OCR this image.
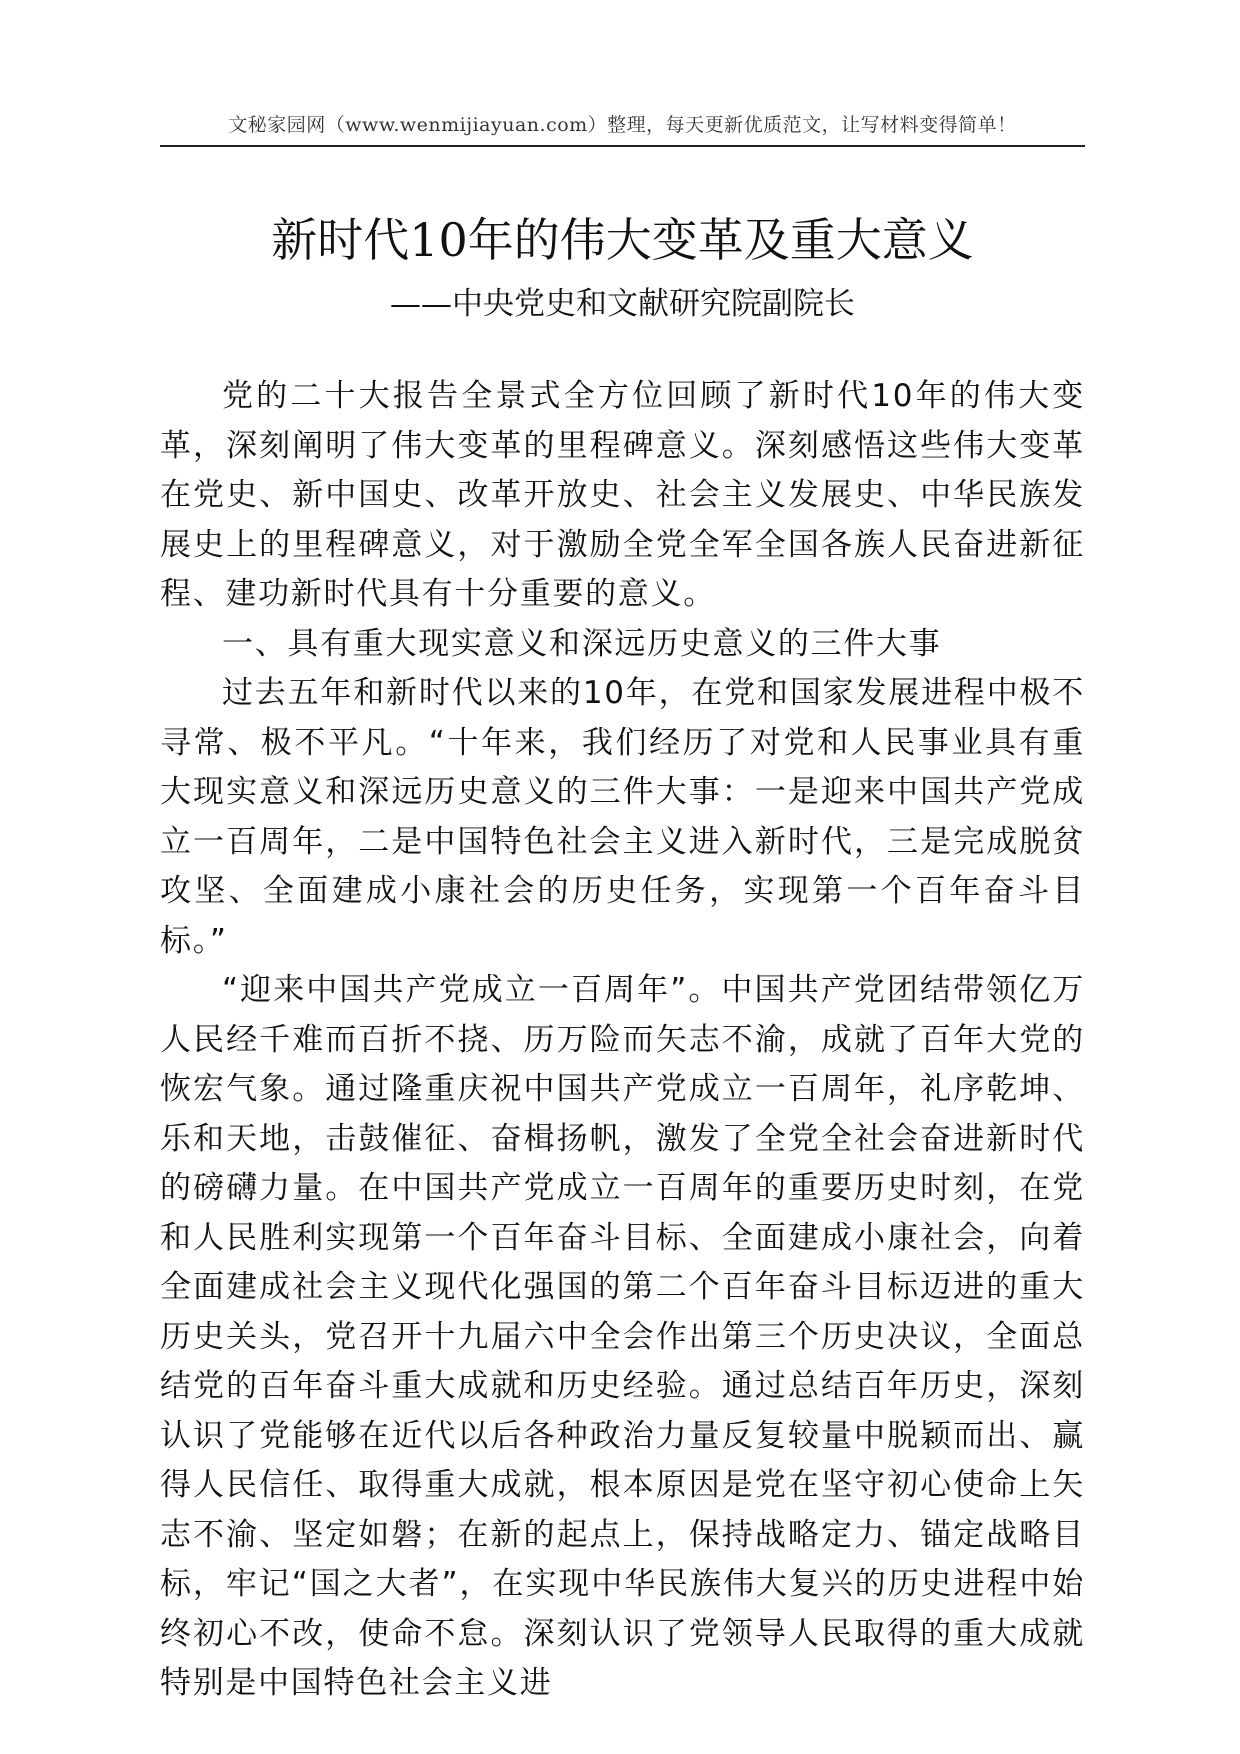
文秘家园网（www.wenmijiayuan.com）整理，每天更新优质范文，让写材料变得简单！
新时代10年的伟大变革及重大意义
——中央党史和文献研究院副院长

党的二十大报告全景式全方位回顾了新时代10年的伟大变革，深刻阐明了伟大变革的里程碑意义。深刻感悟这些伟大变革在党史、新中国史、改革开放史、社会主义发展史、中华民族发展史上的里程碑意义，对于激励全党全军全国各族人民奋进新征程、建功新时代具有十分重要的意义。

一、具有重大现实意义和深远历史意义的三件大事

过去五年和新时代以来的10年，在党和国家发展进程中极不寻常、极不平凡。“十年来，我们经历了对党和人民事业具有重大现实意义和深远历史意义的三件大事：一是迎来中国共产党成立一百周年，二是中国特色社会主义进入新时代，三是完成脱贫攻坚、全面建成小康社会的历史任务，实现第一个百年奋斗目标。”

“迎来中国共产党成立一百周年”。中国共产党团结带领亿万人民经千难而百折不挠、历万险而矢志不渝，成就了百年大党的恢宏气象。通过隆重庆祝中国共产党成立一百周年，礼序乾坤、乐和天地，击鼓催征、奋楫扬帆，激发了全党全社会奋进新时代的磅礴力量。在中国共产党成立一百周年的重要历史时刻，在党和人民胜利实现第一个百年奋斗目标、全面建成小康社会，向着全面建成社会主义现代化强国的第二个百年奋斗目标迈进的重大历史关头，党召开十九届六中全会作出第三个历史决议，全面总结党的百年奋斗重大成就和历史经验。通过总结百年历史，深刻认识了党能够在近代以后各种政治力量反复较量中脱颖而出、赢得人民信任、取得重大成就，根本原因是党在坚守初心使命上矢志不渝、坚定如磐；在新的起点上，保持战略定力、锚定战略目标，牢记“国之大者”，在实现中华民族伟大复兴的历史进程中始终初心不改，使命不怠。深刻认识了党领导人民取得的重大成就特别是中国特色社会主义进
